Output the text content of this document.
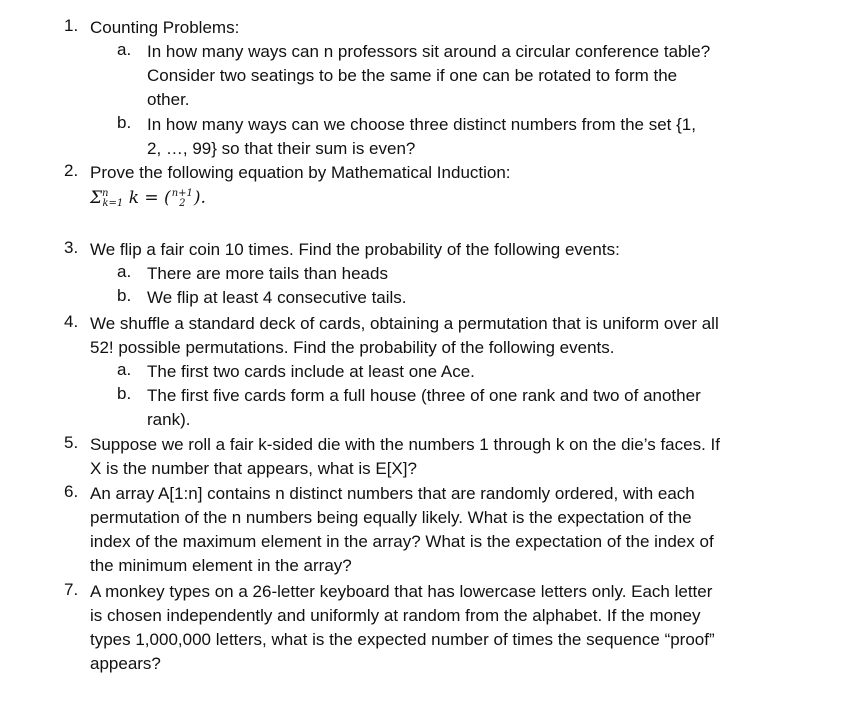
1. Counting Problems:
a. In how many ways can n professors sit around a circular conference table?
Consider two seatings to be the same if one can be rotated to form the
other.
b. In how many ways can we choose three distinct numbers from the set {1,
2, …, 99} so that their sum is even?
2. Prove the following equation by Mathematical Induction:
$\Sigma^nk=1$ k = ( n+1
2 ).
3. We flip a fair coin 10 times. Find the probability of the following events:
a. There are more tails than heads
b. We flip at least 4 consecutive tails.
4. We shuffle a standard deck of cards, obtaining a permutation that is uniform over all
52! possible permutations. Find the probability of the following events.
a. The first two cards include at least one Ace.
b. The first five cards form a full house (three of one rank and two of another
rank).
5. Suppose we roll a fair k-sided die with the numbers 1 through k on the die’s faces. If
X is the number that appears, what is E[X]?
6. An array A[1:n] contains n distinct numbers that are randomly ordered, with each
permutation of the n numbers being equally likely. What is the expectation of the
index of the maximum element in the array? What is the expectation of the index of
the minimum element in the array?
7. A monkey types on a 26-letter keyboard that has lowercase letters only. Each letter
is chosen independently and uniformly at random from the alphabet. If the money
types 1,000,000 letters, what is the expected number of times the sequence “proof”
appears?
